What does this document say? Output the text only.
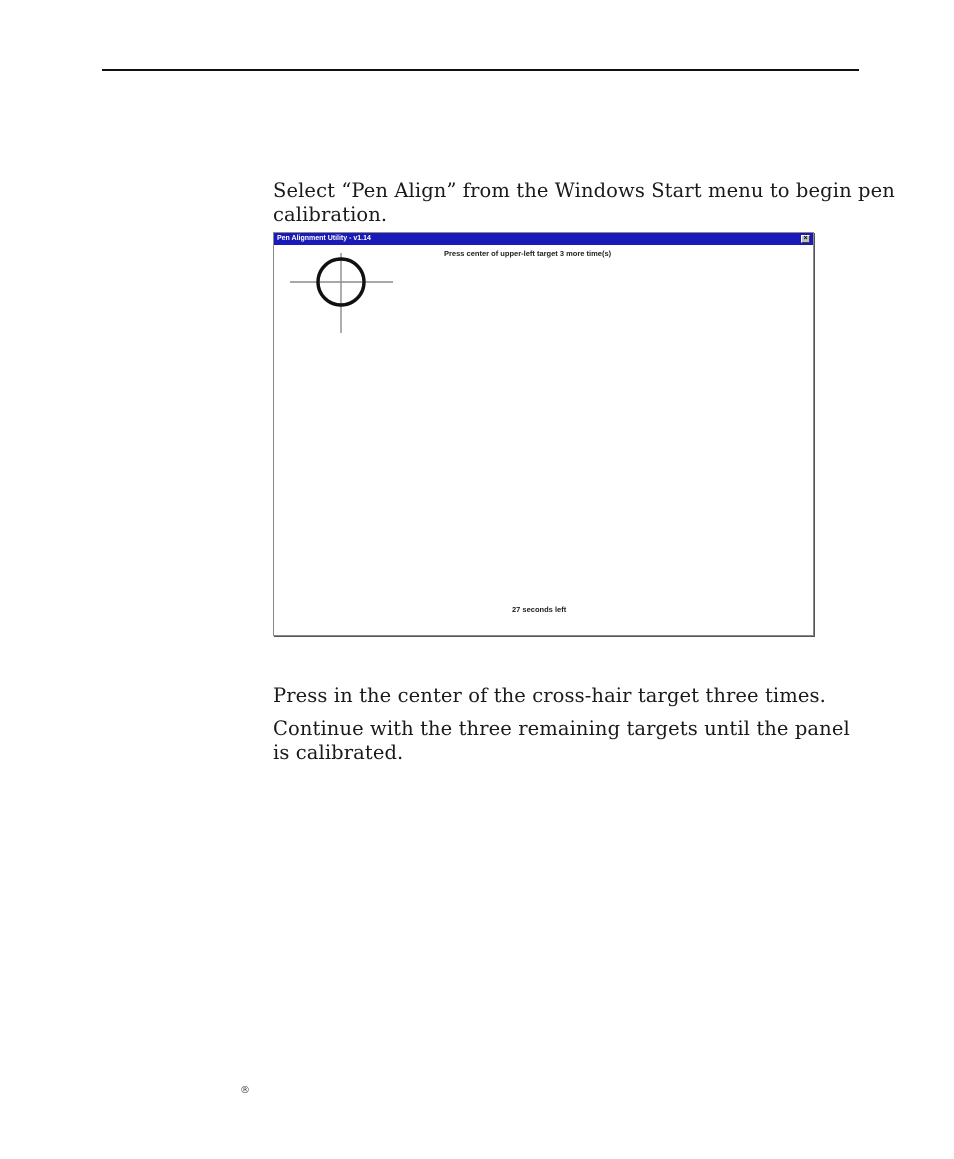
Select “Pen Align” from the Windows Start menu to begin pen
calibration.
Pen Alignment Utility - v1.14	×
Press center of upper-left target 3 more time(s)
27 seconds left
Press in the center of the cross‑hair target three times.
Continue with the three remaining targets until the panel
is calibrated.
®
